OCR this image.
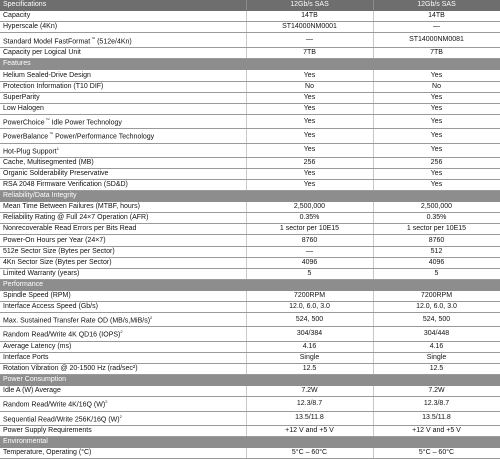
Specifications	12Gb/s SAS	12Gb/s SAS
Capacity	14TB	14TB
Hyperscale (4Kn)	ST14000NM0001	—
Standard Model FastFormat™ (512e/4Kn)	—	ST14000NM0081
Capacity per Logical Unit	7TB	7TB
Features		
Helium Sealed-Drive Design	Yes	Yes
Protection Information (T10 DIF)	No	No
SuperParity	Yes	Yes
Low Halogen	Yes	Yes
PowerChoice™ Idle Power Technology	Yes	Yes
PowerBalance™ Power/Performance Technology	Yes	Yes
Hot-Plug Support$^1$	Yes	Yes
Cache, Multisegmented (MB)	256	256
Organic Solderability Preservative	Yes	Yes
RSA 2048 Firmware Verification (SD&D)	Yes	Yes
Reliability/Data Integrity		
Mean Time Between Failures (MTBF, hours)	2,500,000	2,500,000
Reliability Rating @ Full 24×7 Operation (AFR)	0.35%	0.35%
Nonrecoverable Read Errors per Bits Read	1 sector per 10E15	1 sector per 10E15
Power-On Hours per Year (24×7)	8760	8760
512e Sector Size (Bytes per Sector)	—	512
4Kn Sector Size (Bytes per Sector)	4096	4096
Limited Warranty (years)	5	5
Performance		
Spindle Speed (RPM)	7200RPM	7200RPM
Interface Access Speed (Gb/s)	12.0, 6.0, 3.0	12.0, 6.0, 3.0
Max. Sustained Transfer Rate OD $(MB/s,MiB/s)^2$	524, 500	524, 500
Random Read/Write 4K QD16 (IOPS)$^2$	304/384	304/448
Average Latency (ms)	4.16	4.16
Interface Ports	Single	Single
Rotation Vibration @ 20-1500 Hz (rad/sec²)	12.5	12.5
Power Consumption		
Idle A (W) Average	7.2W	7.2W
Random Read/Write 4K/16Q $(W)^2$	12.3/8.7	12.3/8.7
Sequential Read/Write 256K/16Q $(W)^2$	13.5/11.8	13.5/11.8
Power Supply Requirements	+12 V and +5 V	+12 V and +5 V
Environmental		
Temperature, Operating (°C)	5°C – 60°C	5°C – 60°C
